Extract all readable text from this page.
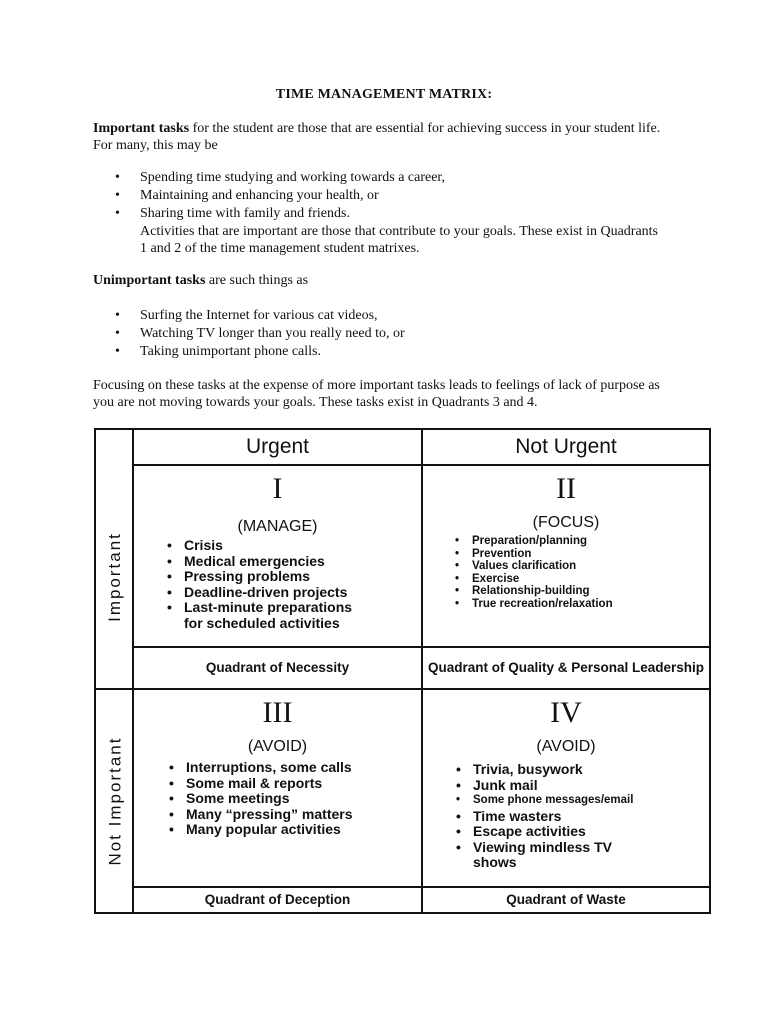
TIME MANAGEMENT MATRIX:

Important tasks for the student are those that are essential for achieving success in your student life. For many, this may be

• Spending time studying and working towards a career,
• Maintaining and enhancing your health, or
• Sharing time with family and friends.
Activities that are important are those that contribute to your goals. These exist in Quadrants 1 and 2 of the time management student matrixes.

Unimportant tasks are such things as

• Surfing the Internet for various cat videos,
• Watching TV longer than you really need to, or
• Taking unimportant phone calls.

Focusing on these tasks at the expense of more important tasks leads to feelings of lack of purpose as you are not moving towards your goals. These tasks exist in Quadrants 3 and 4.

Important
Not Important
Urgent	Not Urgent
I
(MANAGE)
• Crisis
• Medical emergencies
• Pressing problems
• Deadline-driven projects
• Last-minute preparations
for scheduled activities
Quadrant of Necessity
II
(FOCUS)
• Preparation/planning
• Prevention
• Values clarification
• Exercise
• Relationship-building
• True recreation/relaxation
Quadrant of Quality & Personal Leadership
III
(AVOID)
• Interruptions, some calls
• Some mail & reports
• Some meetings
• Many “pressing” matters
• Many popular activities
Quadrant of Deception
IV
(AVOID)
• Trivia, busywork
• Junk mail
• Some phone messages/email
• Time wasters
• Escape activities
• Viewing mindless TV
shows
Quadrant of Waste
